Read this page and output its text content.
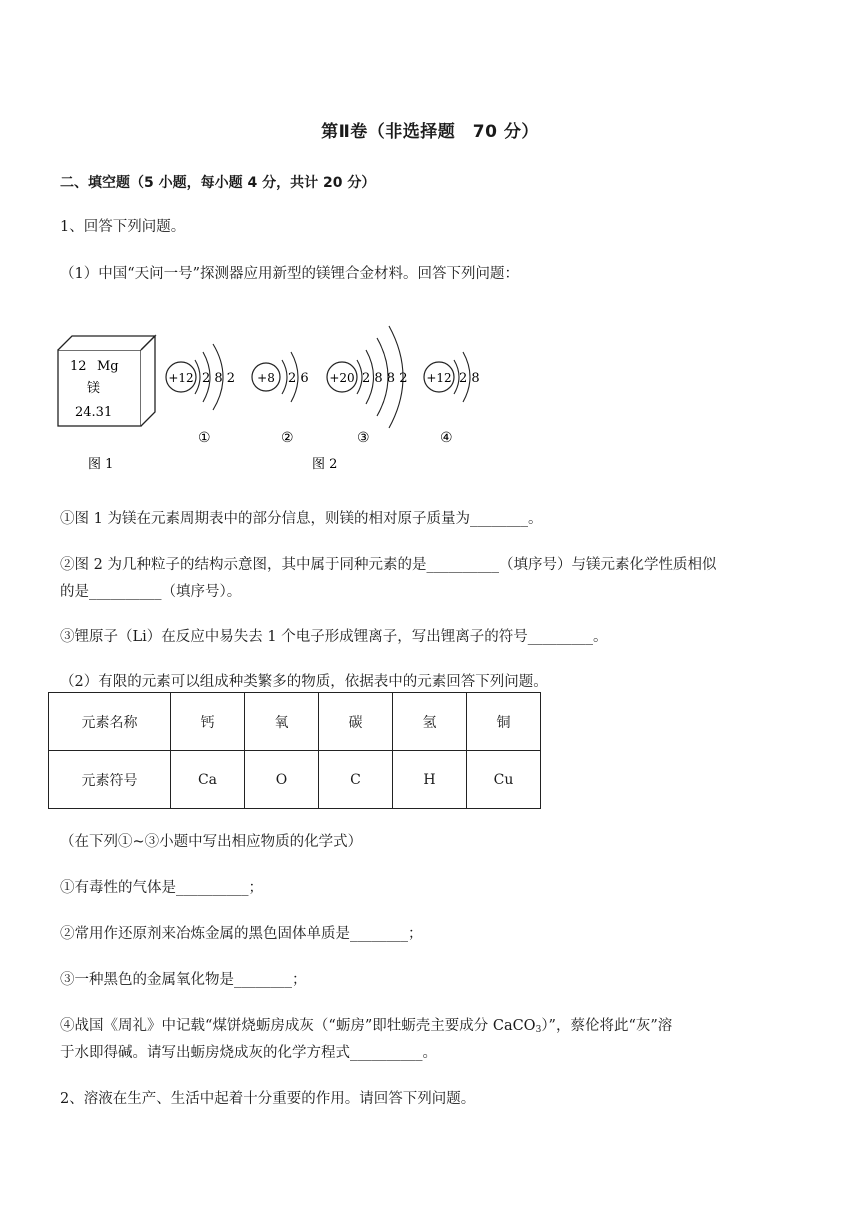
第Ⅱ卷（非选择题　70 分）
二、填空题（5 小题，每小题 4 分，共计 20 分）
1、回答下列问题。
（1）中国“天问一号”探测器应用新型的镁锂合金材料。回答下列问题：
12 Mg
镁
24.31
图 1
+12 2 8 2
①
+8 2 6
②
+20 2 8 8 2
③
+12 2 8
④
图 2
①图 1 为镁在元素周期表中的部分信息，则镁的相对原子质量为________。
②图 2 为几种粒子的结构示意图，其中属于同种元素的是__________（填序号）与镁元素化学性质相似
的是__________（填序号）。
③锂原子（Li）在反应中易失去 1 个电子形成锂离子，写出锂离子的符号_________。
（2）有限的元素可以组成种类繁多的物质，依据表中的元素回答下列问题。
元素名称	钙	氧	碳	氢	铜
元素符号	Ca	O	C	H	Cu
（在下列①~③小题中写出相应物质的化学式）
①有毒性的气体是__________；
②常用作还原剂来冶炼金属的黑色固体单质是________；
③一种黑色的金属氧化物是________；
④战国《周礼》中记载“煤饼烧蛎房成灰（“蛎房”即牡蛎壳主要成分 CaCO$_3$）”，蔡伦将此“灰”溶
于水即得碱。请写出蛎房烧成灰的化学方程式__________。
2、溶液在生产、生活中起着十分重要的作用。请回答下列问题。
